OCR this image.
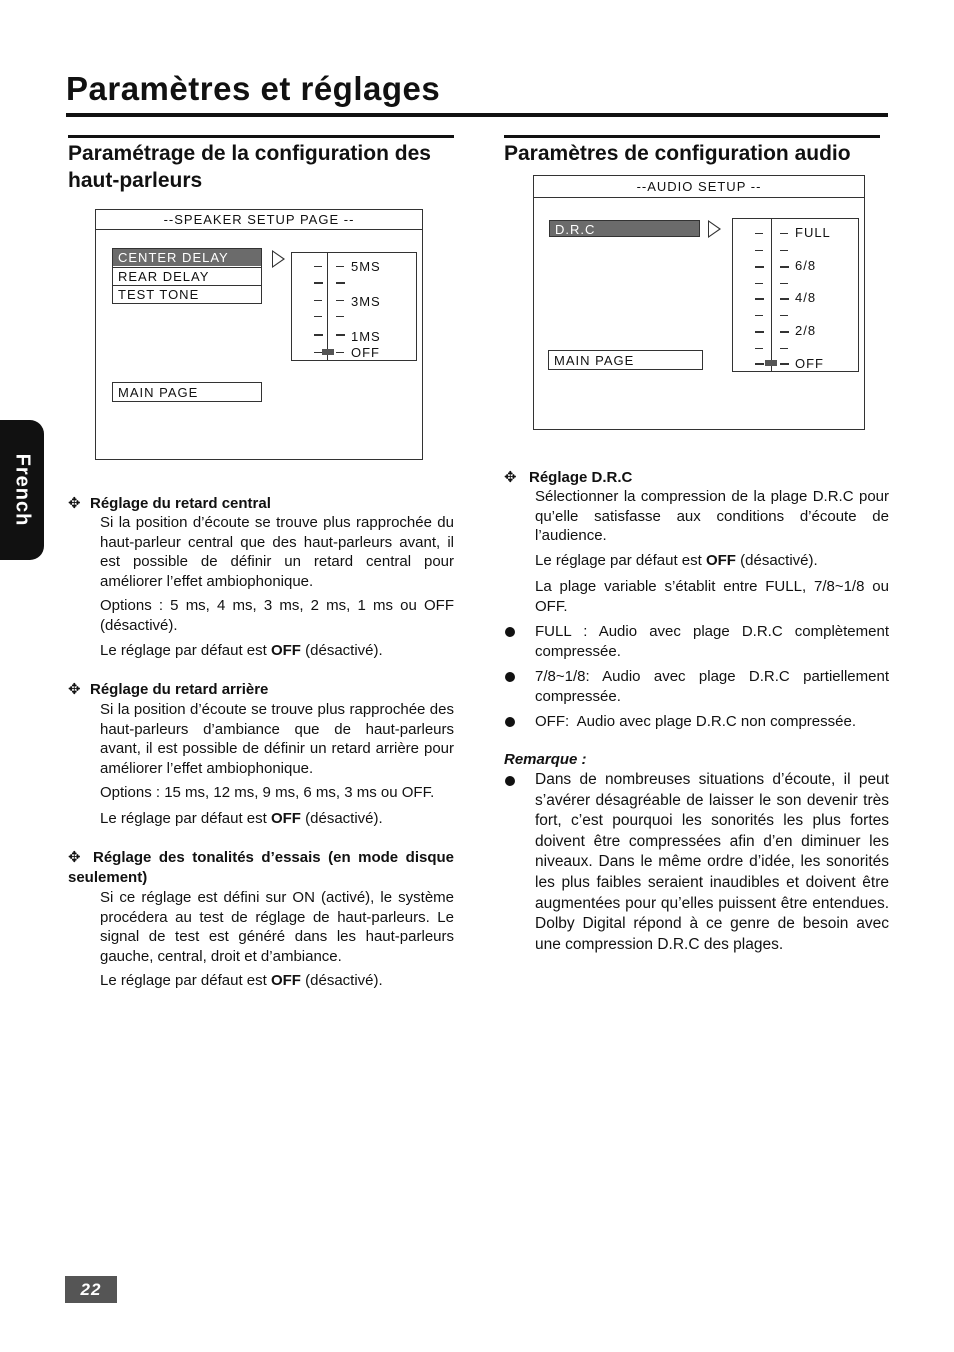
Paramètres et réglages
French
Paramétrage de la configuration des haut-parleurs
--SPEAKER SETUP PAGE --
CENTER DELAY
REAR DELAY
TEST TONE
5MS
3MS
1MS
OFF
MAIN PAGE
✥ Réglage du retard central
Si la position d’écoute se trouve plus rapprochée du haut-parleur central que des haut-parleurs avant, il est possible de définir un retard central pour améliorer l’effet ambiophonique.
Options : 5 ms, 4 ms, 3 ms, 2 ms, 1 ms ou OFF (désactivé).
Le réglage par défaut est OFF (désactivé).
✥ Réglage du retard arrière
Si la position d’écoute se trouve plus rapprochée des haut-parleurs d’ambiance que de haut-parleurs avant, il est possible de définir un retard arrière pour améliorer l’effet ambiophonique.
Options : 15 ms, 12 ms, 9 ms, 6 ms, 3 ms ou OFF.
Le réglage par défaut est OFF (désactivé).
✥ Réglage des tonalités d’essais (en mode disque seulement)
Si ce réglage est défini sur ON (activé), le système procédera au test de réglage de haut-parleurs. Le signal de test est généré dans les haut-parleurs gauche, central, droit et d’ambiance.
Le réglage par défaut est OFF (désactivé).
Paramètres de configuration audio
--AUDIO SETUP --
D.R.C	FULL
6/8
4/8
2/8
OFF
MAIN PAGE
✥ Réglage D.R.C
Sélectionner la compression de la plage D.R.C pour qu’elle satisfasse aux conditions d’écoute de l’audience.
Le réglage par défaut est OFF (désactivé).
La plage variable s’établit entre FULL, 7/8~1/8 ou OFF.
FULL : Audio avec plage D.R.C complètement compressée.
7/8~1/8: Audio avec plage D.R.C partiellement compressée.
OFF:  Audio avec plage D.R.C non compressée.
Remarque :
Dans de nombreuses situations d’écoute, il peut s’avérer désagréable de laisser le son devenir très fort, c’est pourquoi les sonorités les plus fortes doivent être compressées afin d’en diminuer les niveaux. Dans le même ordre d’idée, les sonorités les plus faibles seraient inaudibles et doivent être augmentées pour qu’elles puissent être entendues. Dolby Digital répond à ce genre de besoin avec une compression D.R.C des plages.
22
